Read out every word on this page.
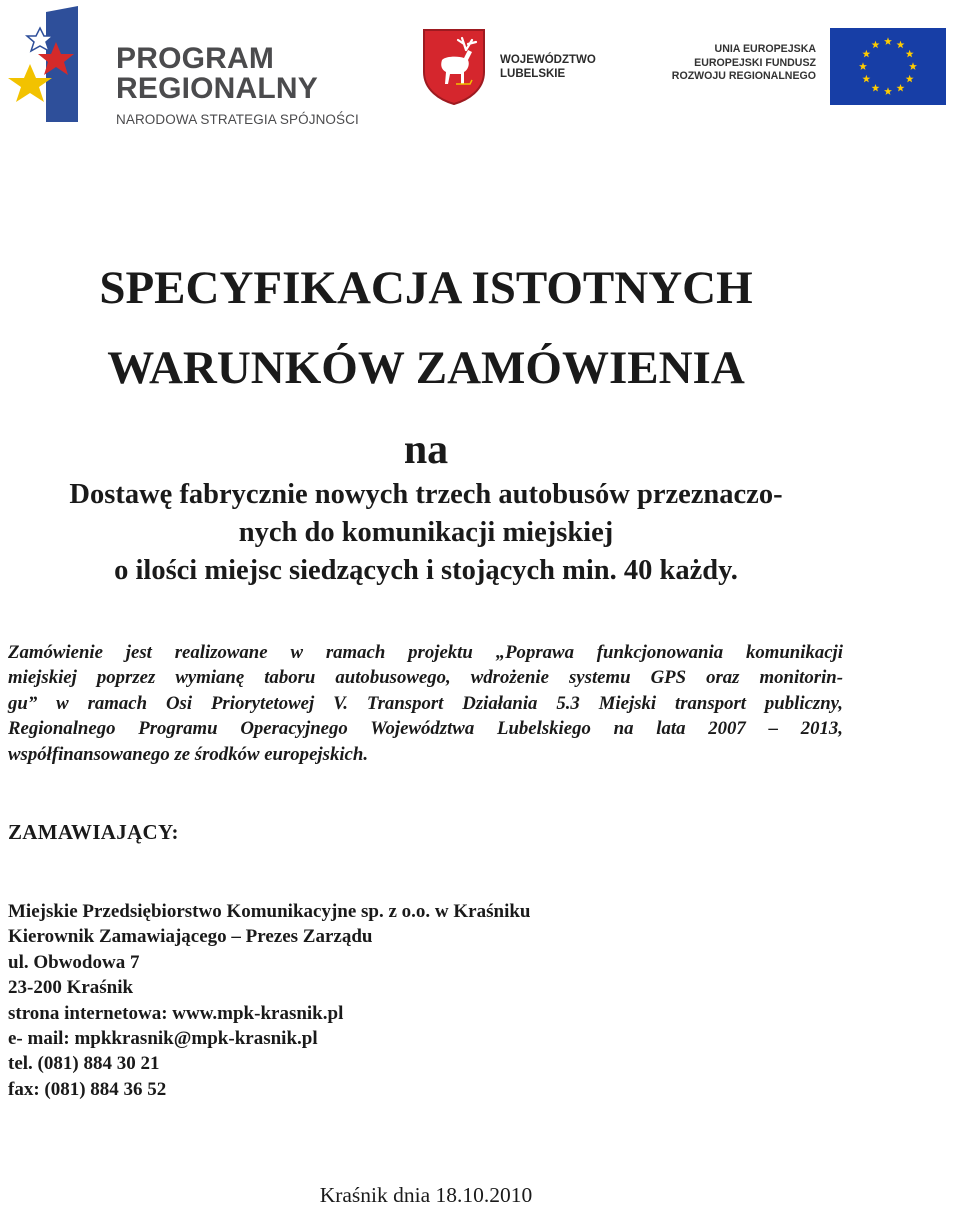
PROGRAM
REGIONALNY
NARODOWA STRATEGIA SPÓJNOŚCI
WOJEWÓDZTWO
LUBELSKIE
UNIA EUROPEJSKA
EUROPEJSKI FUNDUSZ
ROZWOJU REGIONALNEGO
SPECYFIKACJA ISTOTNYCH
WARUNKÓW ZAMÓWIENIA
na
Dostawę fabrycznie nowych trzech autobusów przeznaczo-
nych do komunikacji miejskiej
o ilości miejsc siedzących i stojących min. 40 każdy.
Zamówienie jest realizowane w ramach projektu „Poprawa funkcjonowania komunikacji
miejskiej poprzez wymianę taboru autobusowego, wdrożenie systemu GPS oraz monitorin-
gu” w ramach Osi Priorytetowej V. Transport Działania 5.3 Miejski transport publiczny,
Regionalnego Programu Operacyjnego Województwa Lubelskiego na lata 2007 – 2013,
współfinansowanego ze środków europejskich.
ZAMAWIAJĄCY:
Miejskie Przedsiębiorstwo Komunikacyjne sp. z o.o. w Kraśniku
Kierownik Zamawiającego – Prezes Zarządu
ul. Obwodowa 7
23-200 Kraśnik
strona internetowa: www.mpk-krasnik.pl
e- mail: mpkkrasnik@mpk-krasnik.pl
tel. (081) 884 30 21
fax: (081) 884 36 52
Kraśnik dnia 18.10.2010
